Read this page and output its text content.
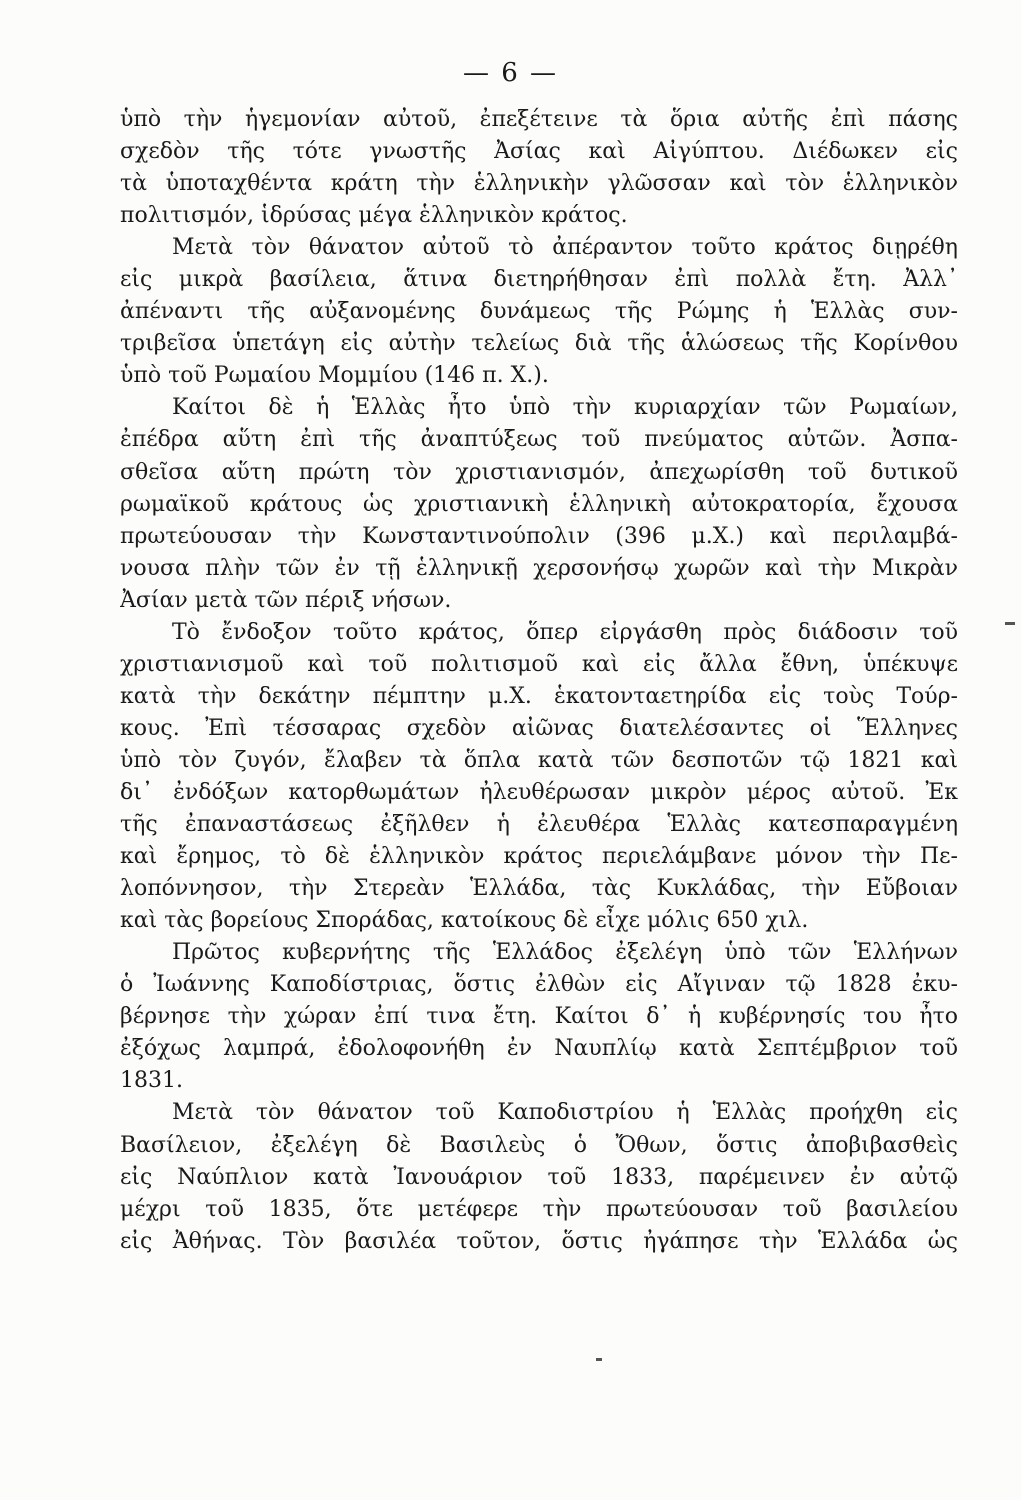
— 6 —
ὑπὸ τὴν ἡγεμονίαν αὐτοῦ, ἐπεξέτεινε τὰ ὅρια αὐτῆς ἐπὶ πάσης
σχεδὸν τῆς τότε γνωστῆς Ἀσίας καὶ Αἰγύπτου. Διέδωκεν εἰς
τὰ ὑποταχθέντα κράτη τὴν ἑλληνικὴν γλῶσσαν καὶ τὸν ἑλληνικὸν
πολιτισμόν, ἱδρύσας μέγα ἑλληνικὸν κράτος.
Μετὰ τὸν θάνατον αὐτοῦ τὸ ἀπέραντον τοῦτο κράτος διῃρέθη
εἰς μικρὰ βασίλεια, ἅτινα διετηρήθησαν ἐπὶ πολλὰ ἔτη. Ἀλλ᾽
ἀπέναντι τῆς αὐξανομένης δυνάμεως τῆς Ρώμης ἡ Ἑλλὰς συν-
τριβεῖσα ὑπετάγη εἰς αὐτὴν τελείως διὰ τῆς ἁλώσεως τῆς Κορίνθου
ὑπὸ τοῦ Ρωμαίου Μομμίου (146 π. Χ.).
Καίτοι δὲ ἡ Ἑλλὰς ἦτο ὑπὸ τὴν κυριαρχίαν τῶν Ρωμαίων,
ἐπέδρα αὕτη ἐπὶ τῆς ἀναπτύξεως τοῦ πνεύματος αὐτῶν. Ἀσπα-
σθεῖσα αὕτη πρώτη τὸν χριστιανισμόν, ἀπεχωρίσθη τοῦ δυτικοῦ
ρωμαϊκοῦ κράτους ὡς χριστιανικὴ ἑλληνικὴ αὐτοκρατορία, ἔχουσα
πρωτεύουσαν τὴν Κωνσταντινούπολιν (396 μ.Χ.) καὶ περιλαμβά-
νουσα πλὴν τῶν ἐν τῇ ἑλληνικῇ χερσονήσῳ χωρῶν καὶ τὴν Μικρὰν
Ἀσίαν μετὰ τῶν πέριξ νήσων.
Τὸ ἔνδοξον τοῦτο κράτος, ὅπερ εἰργάσθη πρὸς διάδοσιν τοῦ
χριστιανισμοῦ καὶ τοῦ πολιτισμοῦ καὶ εἰς ἄλλα ἔθνη, ὑπέκυψε
κατὰ τὴν δεκάτην πέμπτην μ.Χ. ἑκατονταετηρίδα εἰς τοὺς Τούρ-
κους. Ἐπὶ τέσσαρας σχεδὸν αἰῶνας διατελέσαντες οἱ Ἕλληνες
ὑπὸ τὸν ζυγόν, ἔλαβεν τὰ ὅπλα κατὰ τῶν δεσποτῶν τῷ 1821 καὶ
δι᾽ ἐνδόξων κατορθωμάτων ἠλευθέρωσαν μικρὸν μέρος αὐτοῦ. Ἐκ
τῆς ἐπαναστάσεως ἐξῆλθεν ἡ ἐλευθέρα Ἑλλὰς κατεσπαραγμένη
καὶ ἔρημος, τὸ δὲ ἑλληνικὸν κράτος περιελάμβανε μόνον τὴν Πε-
λοπόννησον, τὴν Στερεὰν Ἑλλάδα, τὰς Κυκλάδας, τὴν Εὔβοιαν
καὶ τὰς βορείους Σποράδας, κατοίκους δὲ εἶχε μόλις 650 χιλ.
Πρῶτος κυβερνήτης τῆς Ἑλλάδος ἐξελέγη ὑπὸ τῶν Ἑλλήνων
ὁ Ἰωάννης Καποδίστριας, ὅστις ἐλθὼν εἰς Αἴγιναν τῷ 1828 ἐκυ-
βέρνησε τὴν χώραν ἐπί τινα ἔτη. Καίτοι δ᾽ ἡ κυβέρνησίς του ἦτο
ἐξόχως λαμπρά, ἐδολοφονήθη ἐν Ναυπλίῳ κατὰ Σεπτέμβριον τοῦ
1831.
Μετὰ τὸν θάνατον τοῦ Καποδιστρίου ἡ Ἑλλὰς προήχθη εἰς
Βασίλειον, ἐξελέγη δὲ Βασιλεὺς ὁ Ὄθων, ὅστις ἀποβιβασθεὶς
εἰς Ναύπλιον κατὰ Ἰανουάριον τοῦ 1833, παρέμεινεν ἐν αὐτῷ
μέχρι τοῦ 1835, ὅτε μετέφερε τὴν πρωτεύουσαν τοῦ βασιλείου
εἰς Ἀθήνας. Τὸν βασιλέα τοῦτον, ὅστις ἠγάπησε τὴν Ἑλλάδα ὡς
